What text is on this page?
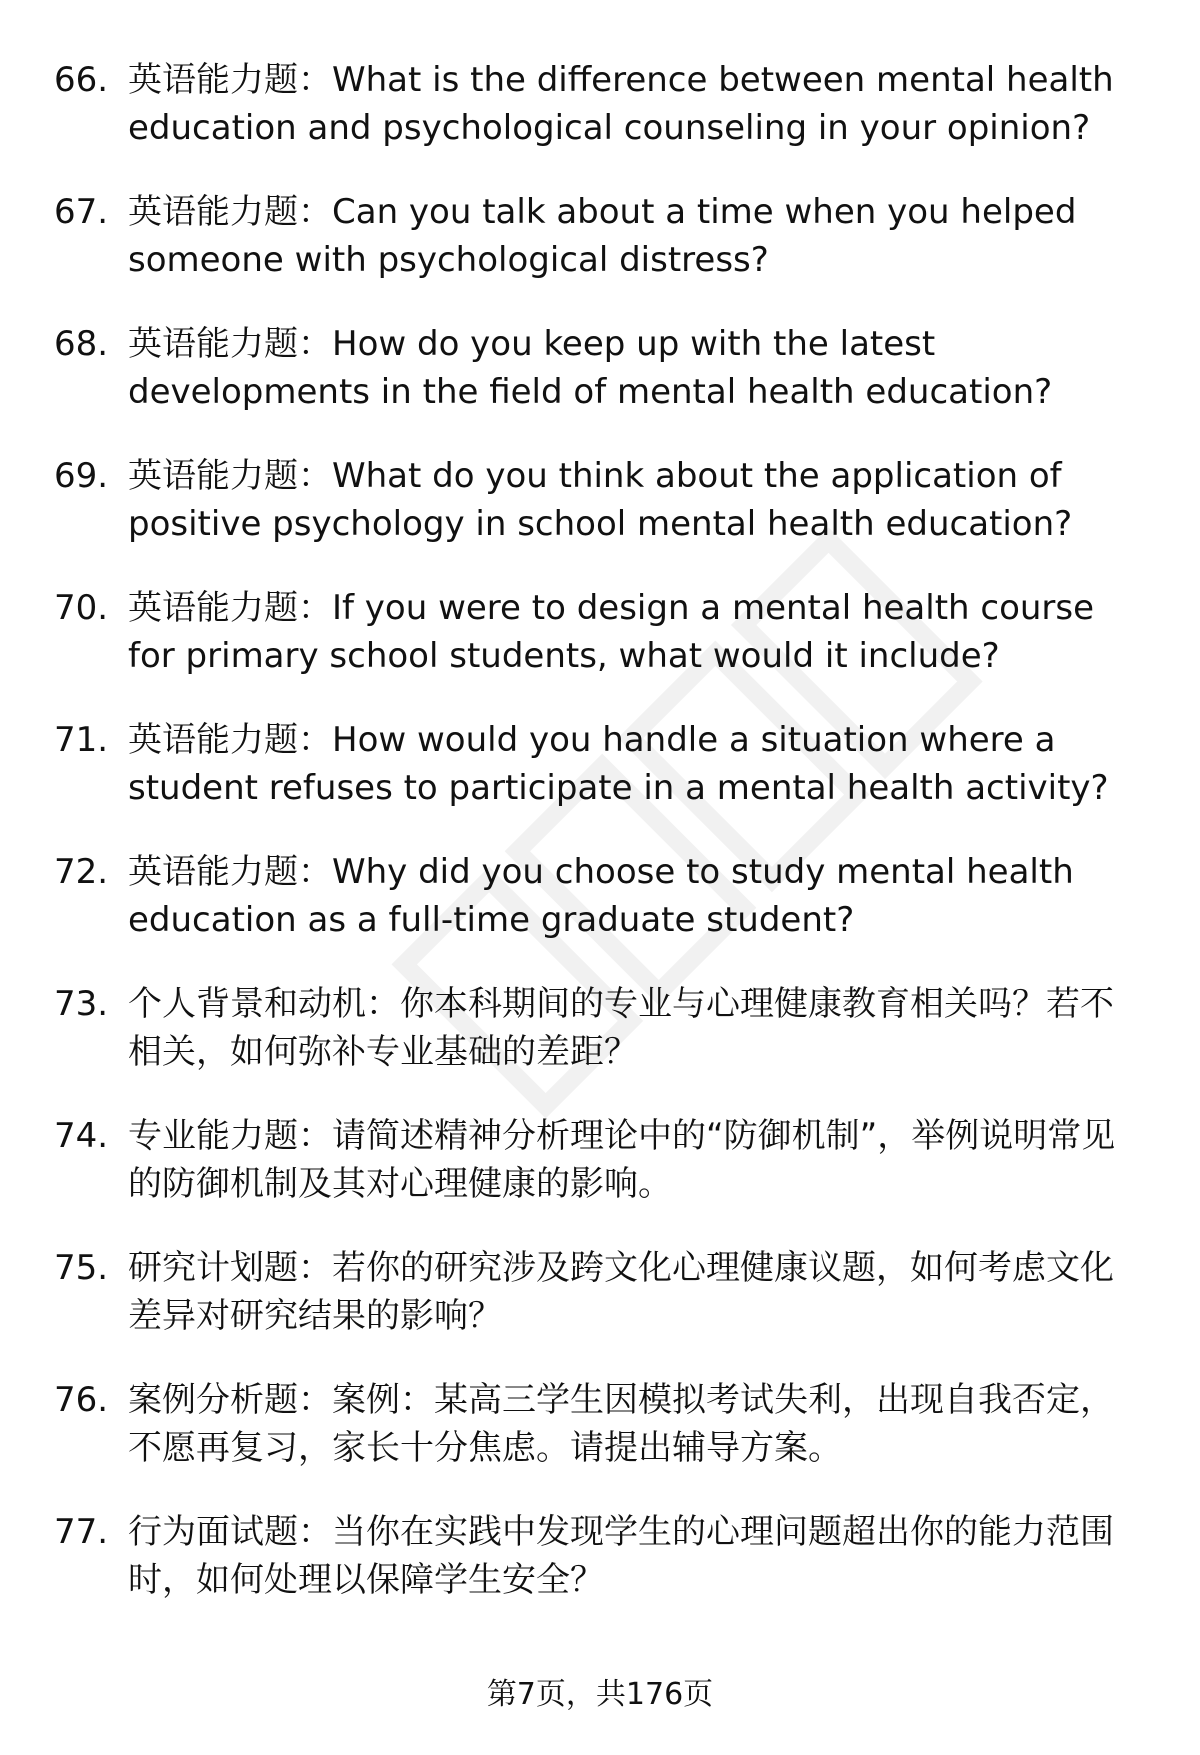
66. 英语能力题：What is the difference between mental health education and psychological counseling in your opinion?
67. 英语能力题：Can you talk about a time when you helped someone with psychological distress?
68. 英语能力题：How do you keep up with the latest developments in the field of mental health education?
69. 英语能力题：What do you think about the application of positive psychology in school mental health education?
70. 英语能力题：If you were to design a mental health course for primary school students, what would it include?
71. 英语能力题：How would you handle a situation where a student refuses to participate in a mental health activity?
72. 英语能力题：Why did you choose to study mental health education as a full-time graduate student?
73. 个人背景和动机：你本科期间的专业与心理健康教育相关吗？若不相关，如何弥补专业基础的差距？
74. 专业能力题：请简述精神分析理论中的“防御机制”，举例说明常见的防御机制及其对心理健康的影响。
75. 研究计划题：若你的研究涉及跨文化心理健康议题，如何考虑文化差异对研究结果的影响？
76. 案例分析题：案例：某高三学生因模拟考试失利，出现自我否定，不愿再复习，家长十分焦虑。请提出辅导方案。
77. 行为面试题：当你在实践中发现学生的心理问题超出你的能力范围时，如何处理以保障学生安全？
第7页，共176页
